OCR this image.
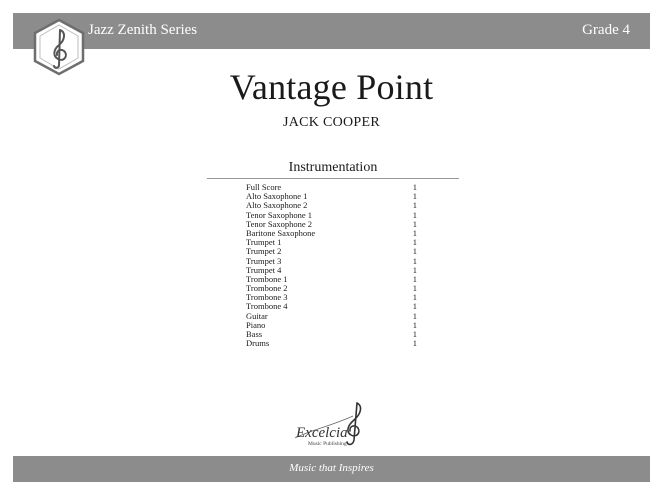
Jazz Zenith Series	Grade 4
Vantage Point
JACK COOPER
Instrumentation
Full Score	1
Alto Saxophone 1	1
Alto Saxophone 2	1
Tenor Saxophone 1	1
Tenor Saxophone 2	1
Baritone Saxophone	1
Trumpet 1	1
Trumpet 2	1
Trumpet 3	1
Trumpet 4	1
Trombone 1	1
Trombone 2	1
Trombone 3	1
Trombone 4	1
Guitar	1
Piano	1
Bass	1
Drums	1
Excelcia
Music Publishing
Music that Inspires
